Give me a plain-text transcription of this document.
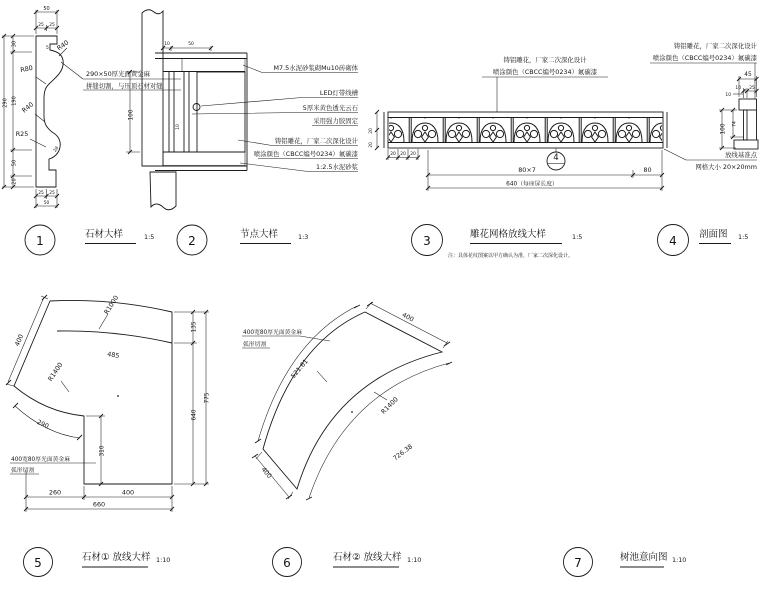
50
25 25
30
190
50
20
290
25 25
50
R40
R80
R40
R25
5
28
290×50厚光面黄金麻
拼缝切割，与压顶石材对缝
10	50
100
10
M7.5水泥砂浆砌Mu10砖砌体
LED灯带线槽
5厚米黄色透光云石
采用强力胶固定
铸铝雕花，厂家二次深化设计
喷涂颜色（CBCC编号0234）氟碳漆
1:2.5水泥砂浆
铸铝雕花，厂家二次深化设计
喷涂颜色（CBCC编号0234）氟碳漆
4
20
20
20 20 20
80×7	80
640（每座屏长度）
铸铝雕花，厂家二次深化设计
喷涂颜色（CBCC编号0234）氟碳漆
45
10 25
10
100 74
放线基准点
网格大小 20×20mm
400
R1000
485
R1400
290
135
640
775
310
260	400
660
400宽80厚光面黄金麻
弧形切割
400
521.61
R1400
400
726.38
400宽80厚光面黄金麻
弧形切割
1	石材大样	1:5	2	节点大样	1:3	3	雕花网格放线大样	1:5
注：具体花纹图案以甲方确认为准，厂家二次深化设计。
4 剖面图 1:5
5	石材① 放线大样 1:10	6	石材② 放线大样 1:10	7	树池意向图 1:10
